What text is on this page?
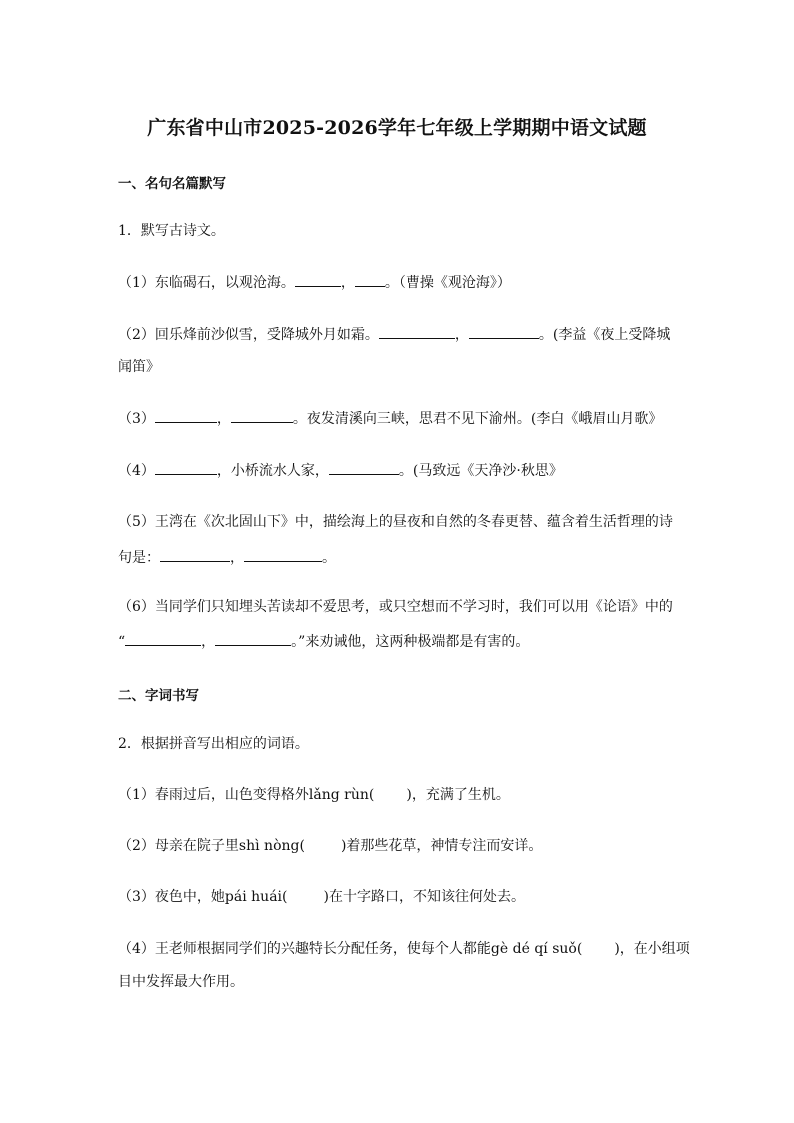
广东省中山市2025-2026学年七年级上学期期中语文试题
一、名句名篇默写
1．默写古诗文。
（1）东临碣石，以观沧海。	， 。（曹操《观沧海》）
（2）回乐烽前沙似雪，受降城外月如霜。	，	。(李益《夜上受降城
闻笛》
（3）	，	。夜发清溪向三峡，思君不见下渝州。(李白《峨眉山月歌》
（4）	，小桥流水人家，	。(马致远《天净沙·秋思》
（5）王湾在《次北固山下》中，描绘海上的昼夜和自然的冬春更替、蕴含着生活哲理的诗
句是：	，	。
（6）当同学们只知埋头苦读却不爱思考，或只空想而不学习时，我们可以用《论语》中的
“	，	。”来劝诫他，这两种极端都是有害的。
二、字词书写
2．根据拼音写出相应的词语。
（1）春雨过后，山色变得格外lǎng rùn( )，充满了生机。
（2）母亲在院子里shì nòng(	)着那些花草，神情专注而安详。
（3）夜色中，她pái huái(	)在十字路口，不知该往何处去。
（4）王老师根据同学们的兴趣特长分配任务，使每个人都能gè dé qí suǒ( )，在小组项
目中发挥最大作用。
